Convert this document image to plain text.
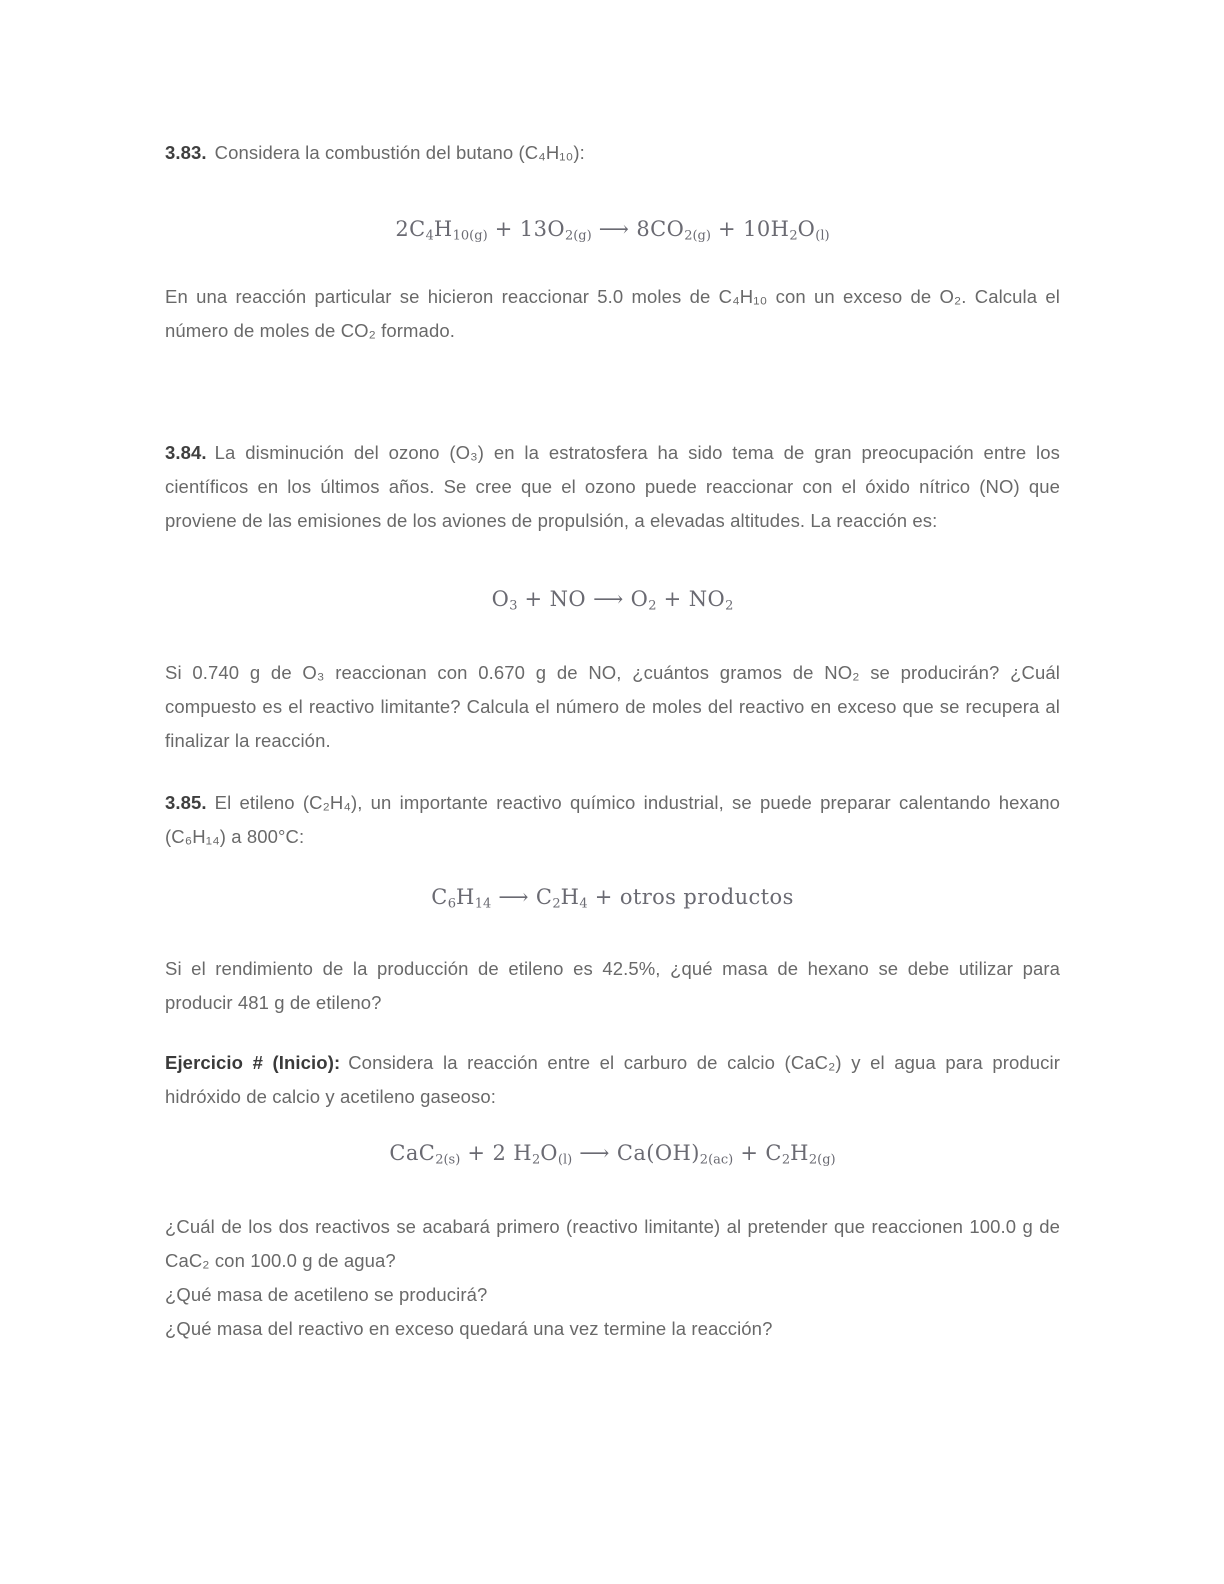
3.83. Considera la combustión del butano (C₄H₁₀):

$2C_4H_{10(g)} + 13O_{2(g)}$ ⟶ $8CO_{2(g)} + 10H_2O_{(l)}$

En una reacción particular se hicieron reaccionar 5.0 moles de C₄H₁₀ con un exceso de O₂. Calcula el número de moles de CO₂ formado.

3.84. La disminución del ozono (O₃) en la estratosfera ha sido tema de gran preocupación entre los científicos en los últimos años. Se cree que el ozono puede reaccionar con el óxido nítrico (NO) que proviene de las emisiones de los aviones de propulsión, a elevadas altitudes. La reacción es:

$O_3$ + NO ⟶ $O_2 + NO_2$

Si 0.740 g de O₃ reaccionan con 0.670 g de NO, ¿cuántos gramos de NO₂ se producirán? ¿Cuál compuesto es el reactivo limitante? Calcula el número de moles del reactivo en exceso que se recupera al finalizar la reacción.

3.85. El etileno (C₂H₄), un importante reactivo químico industrial, se puede preparar calentando hexano (C₆H₁₄) a 800°C:

$C_6H_{14}$ ⟶ $C_2H_4$ + otros productos

Si el rendimiento de la producción de etileno es 42.5%, ¿qué masa de hexano se debe utilizar para producir 481 g de etileno?

Ejercicio # (Inicio): Considera la reacción entre el carburo de calcio (CaC₂) y el agua para producir hidróxido de calcio y acetileno gaseoso:

CaC$_{2(s)}$ + 2 $H_2O_{(l)}$ ⟶ $Ca(OH)_{2(ac)} + C_2H_{2(g)}$

¿Cuál de los dos reactivos se acabará primero (reactivo limitante) al pretender que reaccionen 100.0 g de CaC₂ con 100.0 g de agua?

¿Qué masa de acetileno se producirá?

¿Qué masa del reactivo en exceso quedará una vez termine la reacción?
